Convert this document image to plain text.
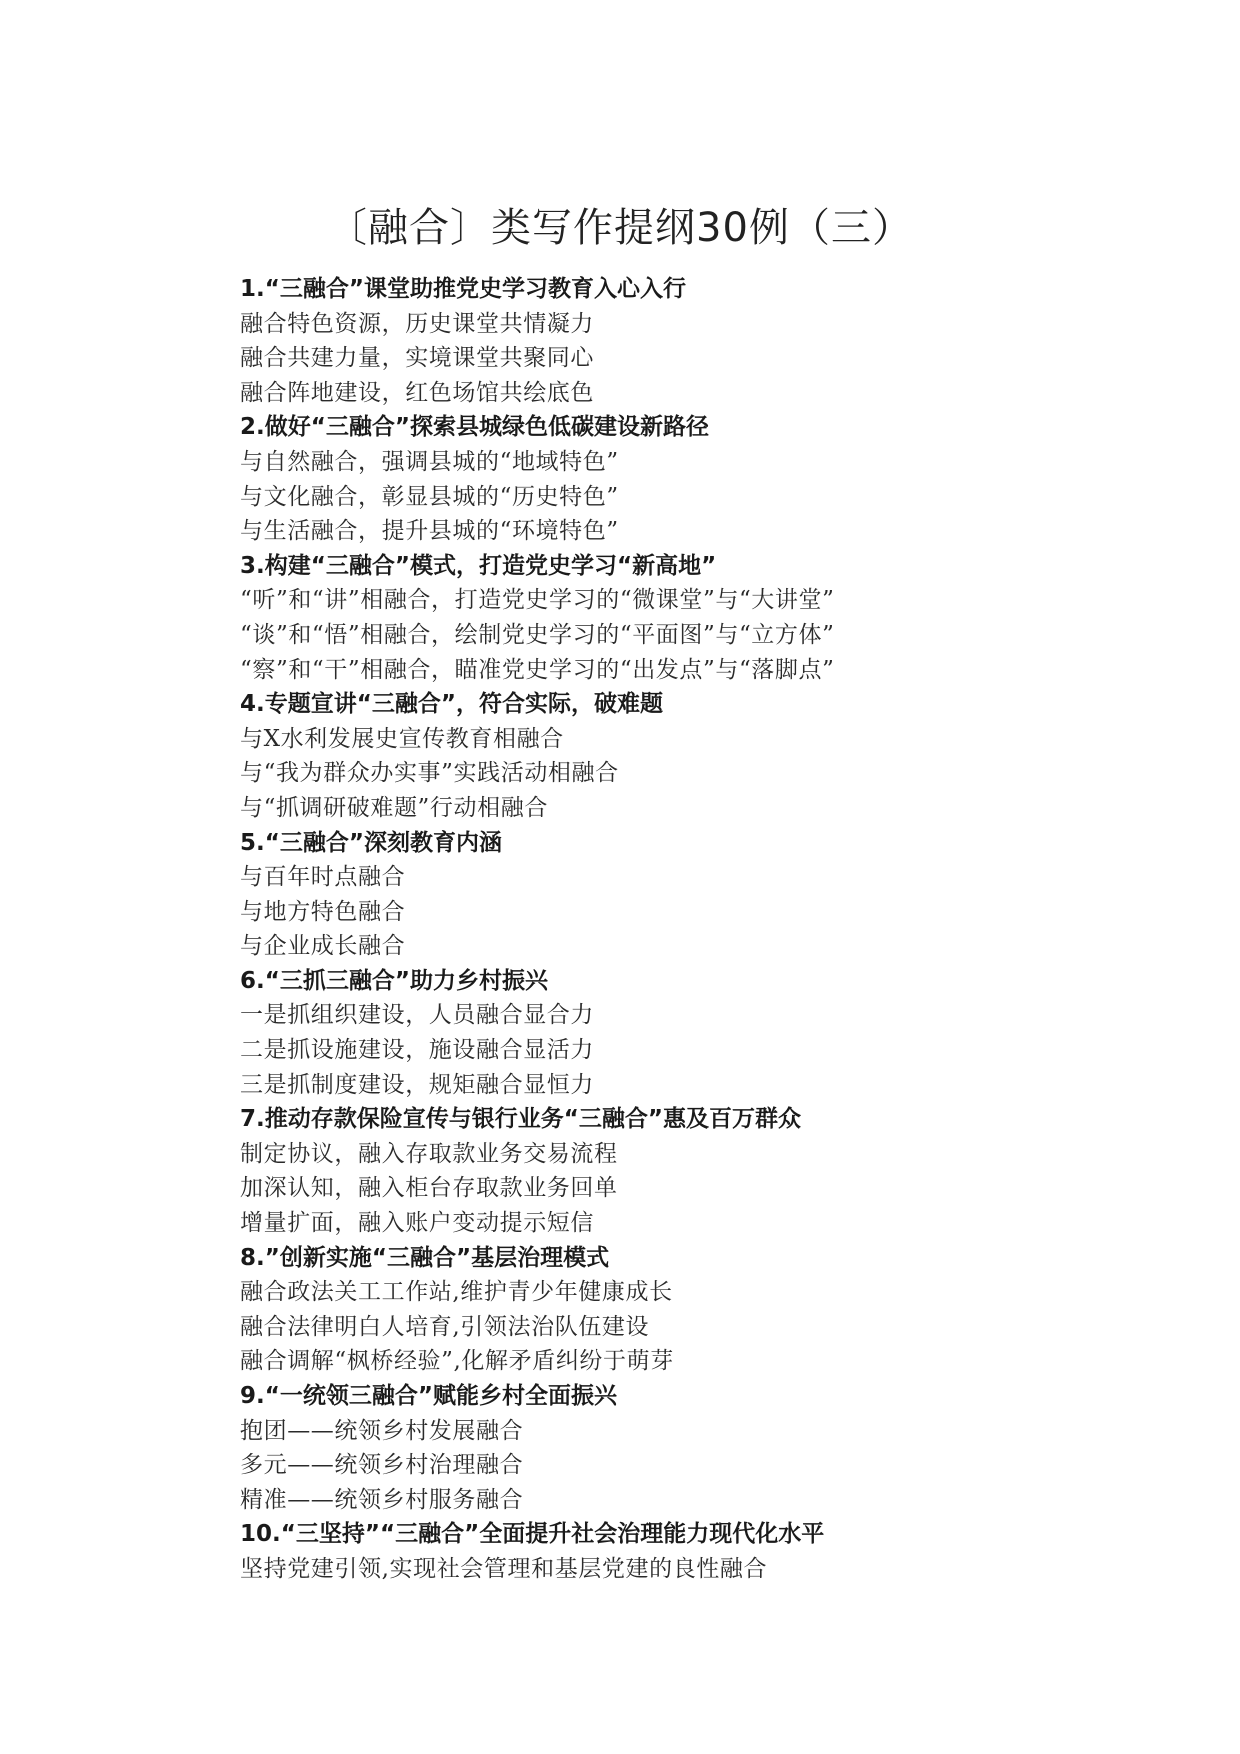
〔融合〕类写作提纲30例（三）
1.“三融合”课堂助推党史学习教育入心入行
融合特色资源，历史课堂共情凝力
融合共建力量，实境课堂共聚同心
融合阵地建设，红色场馆共绘底色
2.做好“三融合”探索县城绿色低碳建设新路径
与自然融合，强调县城的“地域特色”
与文化融合，彰显县城的“历史特色”
与生活融合，提升县城的“环境特色”
3.构建“三融合”模式，打造党史学习“新高地”
“听”和“讲”相融合，打造党史学习的“微课堂”与“大讲堂”
“谈”和“悟”相融合，绘制党史学习的“平面图”与“立方体”
“察”和“干”相融合，瞄准党史学习的“出发点”与“落脚点”
4.专题宣讲“三融合”，符合实际，破难题
与X水利发展史宣传教育相融合
与“我为群众办实事”实践活动相融合
与“抓调研破难题”行动相融合
5.“三融合”深刻教育内涵
与百年时点融合
与地方特色融合
与企业成长融合
6.“三抓三融合”助力乡村振兴
一是抓组织建设，人员融合显合力
二是抓设施建设，施设融合显活力
三是抓制度建设，规矩融合显恒力
7.推动存款保险宣传与银行业务“三融合”惠及百万群众
制定协议，融入存取款业务交易流程
加深认知，融入柜台存取款业务回单
增量扩面，融入账户变动提示短信
8.”创新实施“三融合”基层治理模式
融合政法关工工作站,维护青少年健康成长
融合法律明白人培育,引领法治队伍建设
融合调解“枫桥经验”,化解矛盾纠纷于萌芽
9.“一统领三融合”赋能乡村全面振兴
抱团——统领乡村发展融合
多元——统领乡村治理融合
精准——统领乡村服务融合
10.“三坚持”“三融合”全面提升社会治理能力现代化水平
坚持党建引领,实现社会管理和基层党建的良性融合
